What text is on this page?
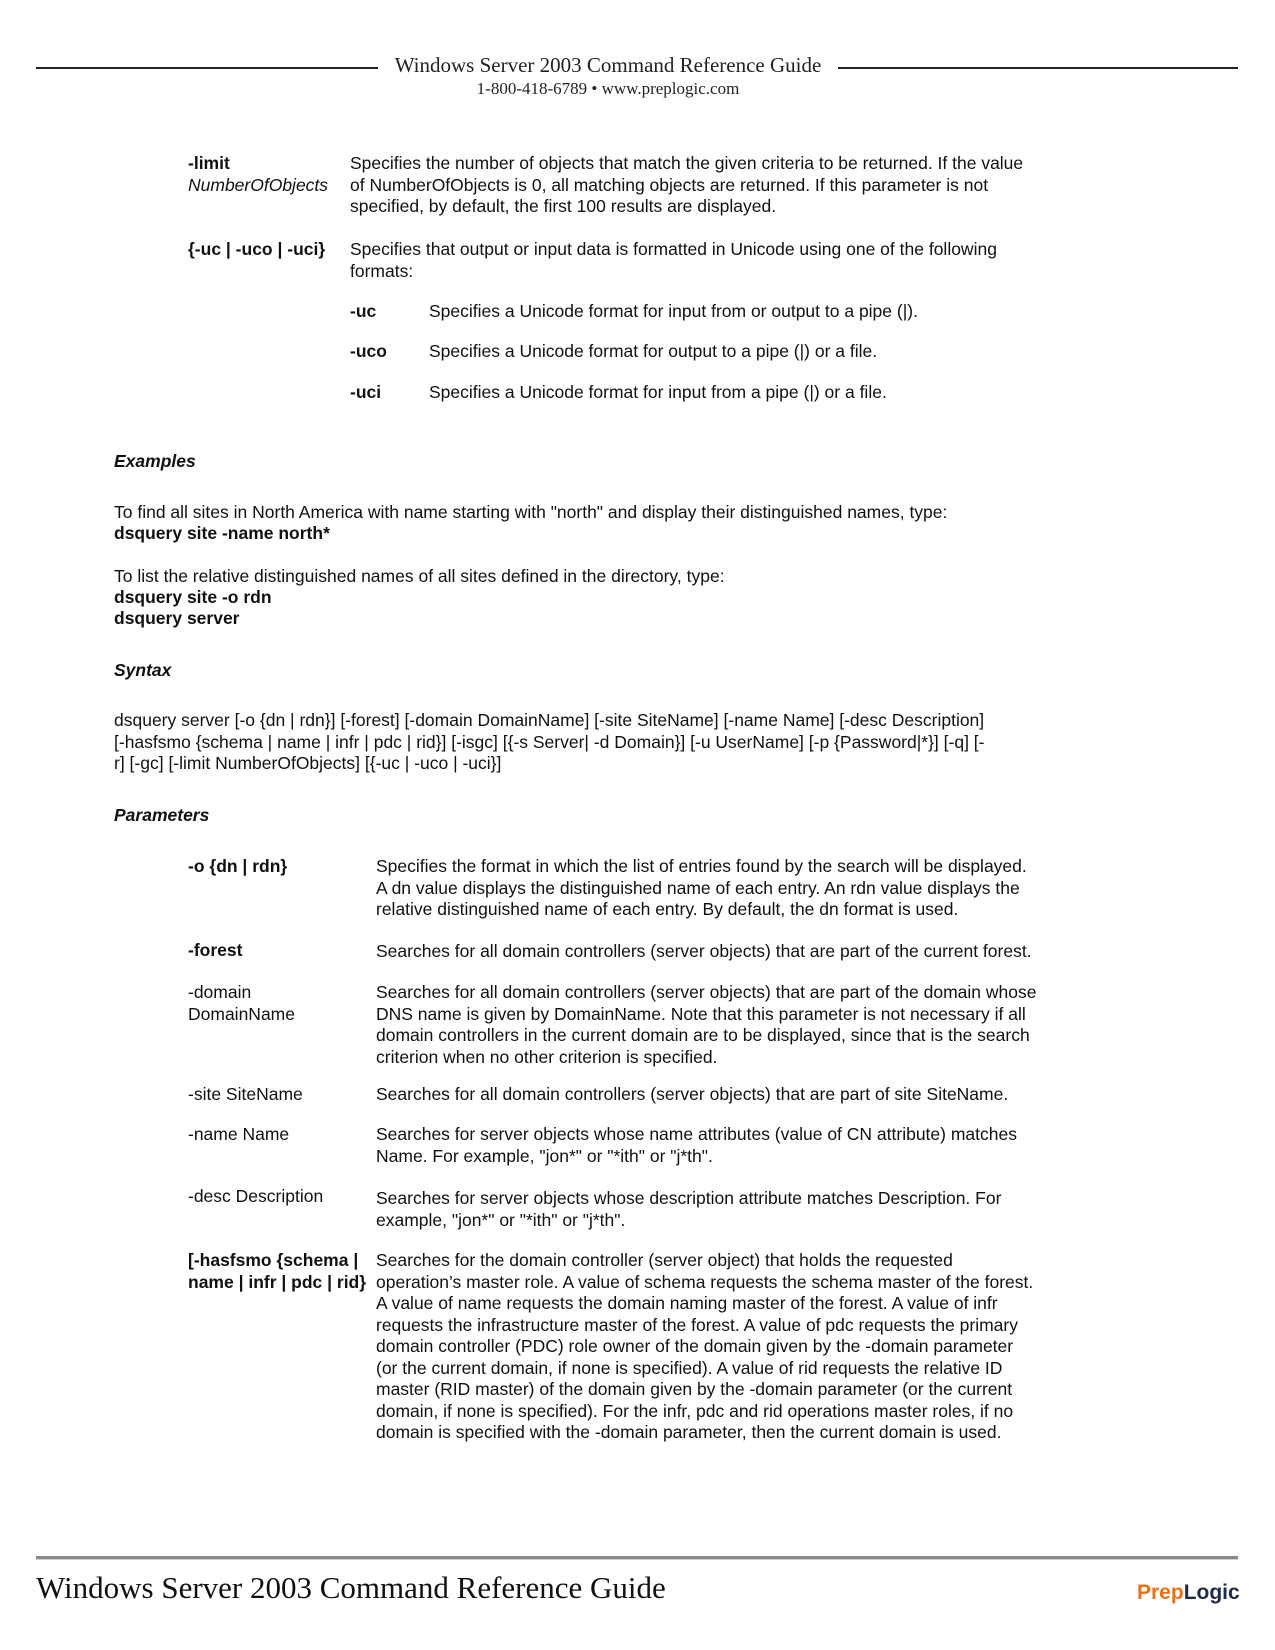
Windows Server 2003 Command Reference Guide
1-800-418-6789 • www.preplogic.com
-limit
NumberOfObjects
Specifies the number of objects that match the given criteria to be returned. If the value
of NumberOfObjects is 0, all matching objects are returned. If this parameter is not
specified, by default, the first 100 results are displayed.
{-uc | -uco | -uci} Specifies that output or input data is formatted in Unicode using one of the following
formats:
-uc	Specifies a Unicode format for input from or output to a pipe (|).
-uco Specifies a Unicode format for output to a pipe (|) or a file.
-uci	Specifies a Unicode format for input from a pipe (|) or a file.
Examples
To find all sites in North America with name starting with "north" and display their distinguished names, type:
dsquery site -name north*
To list the relative distinguished names of all sites defined in the directory, type:
dsquery site -o rdn
dsquery server
Syntax
dsquery server [-o {dn | rdn}] [-forest] [-domain DomainName] [-site SiteName] [-name Name] [-desc Description]
[-hasfsmo {schema | name | infr | pdc | rid}] [-isgc] [{-s Server| -d Domain}] [-u UserName] [-p {Password|*}] [-q] [-
r] [-gc] [-limit NumberOfObjects] [{-uc | -uco | -uci}]
Parameters
-o {dn | rdn}	Specifies the format in which the list of entries found by the search will be displayed.
A dn value displays the distinguished name of each entry. An rdn value displays the
relative distinguished name of each entry. By default, the dn format is used.
-forest	Searches for all domain controllers (server objects) that are part of the current forest.
-domain DomainName
Searches for all domain controllers (server objects) that are part of the domain whose
DNS name is given by DomainName. Note that this parameter is not necessary if all
domain controllers in the current domain are to be displayed, since that is the search
criterion when no other criterion is specified.
-site SiteName	Searches for all domain controllers (server objects) that are part of site SiteName.
-name Name	Searches for server objects whose name attributes (value of CN attribute) matches
Name. For example, "jon*" or "*ith" or "j*th".
-desc Description	Searches for server objects whose description attribute matches Description. For
example, "jon*" or "*ith" or "j*th".
[-hasfsmo {schema | name | infr | pdc | rid}
Searches for the domain controller (server object) that holds the requested
operation’s master role. A value of schema requests the schema master of the forest.
A value of name requests the domain naming master of the forest. A value of infr
requests the infrastructure master of the forest. A value of pdc requests the primary
domain controller (PDC) role owner of the domain given by the -domain parameter
(or the current domain, if none is specified). A value of rid requests the relative ID
master (RID master) of the domain given by the -domain parameter (or the current
domain, if none is specified). For the infr, pdc and rid operations master roles, if no
domain is specified with the -domain parameter, then the current domain is used.
Windows Server 2003 Command Reference Guide	PrepLogic
